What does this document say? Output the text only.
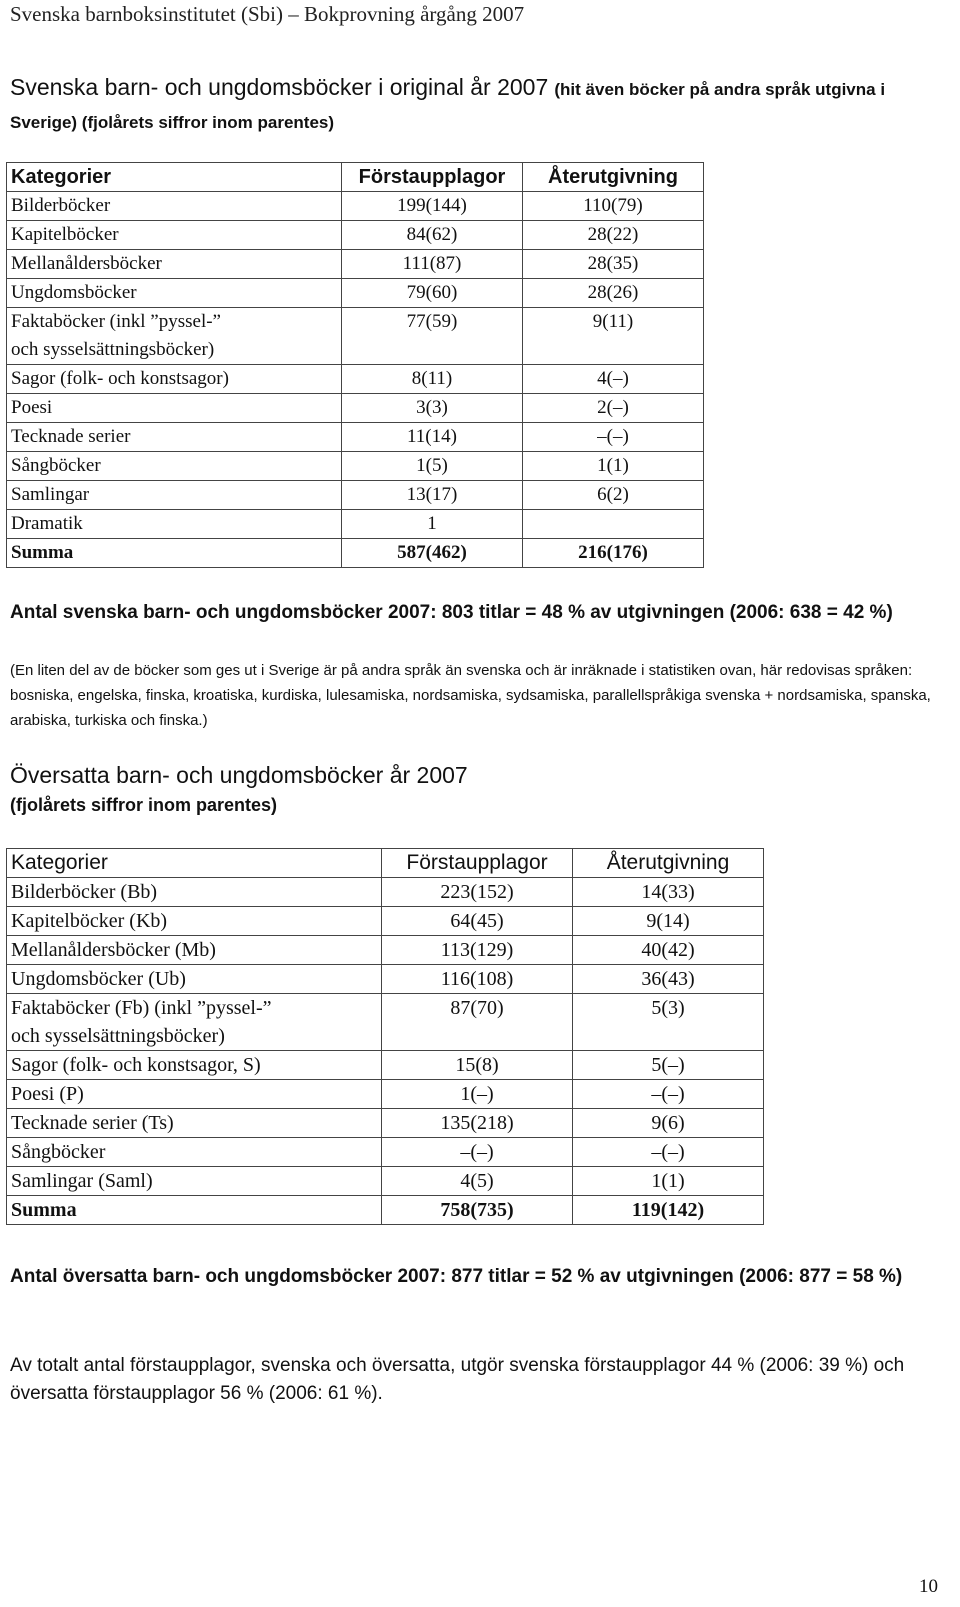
Svenska barnboksinstitutet (Sbi) – Bokprovning årgång 2007
Svenska barn- och ungdomsböcker i original år 2007 (hit även böcker på andra språk utgivna i Sverige) (fjolårets siffror inom parentes)
Kategorier	Förstaupplagor	Återutgivning
Bilderböcker	199(144)	110(79)
Kapitelböcker	84(62)	28(22)
Mellanåldersböcker	111(87)	28(35)
Ungdomsböcker	79(60)	28(26)

Faktaböcker (inkl ”pyssel-”
och sysselsättningsböcker)	77(59)	9(11)
Sagor (folk- och konstsagor)	8(11)	4(–)
Poesi	3(3)	2(–)
Tecknade serier	11(14)	–(–)
Sångböcker	1(5)	1(1)
Samlingar	13(17)	6(2)
Dramatik	1	
Summa	587(462)	216(176)
Antal svenska barn- och ungdomsböcker 2007: 803 titlar = 48 % av utgivningen (2006: 638 = 42 %)
(En liten del av de böcker som ges ut i Sverige är på andra språk än svenska och är inräknade i statistiken ovan, här redovisas språken: bosniska, engelska, finska, kroatiska, kurdiska, lulesamiska, nordsamiska, sydsamiska, parallellspråkiga svenska + nordsamiska, spanska, arabiska, turkiska och finska.)
Översatta barn- och ungdomsböcker år 2007
(fjolårets siffror inom parentes)
Kategorier	Förstaupplagor	Återutgivning
Bilderböcker (Bb)	223(152)	14(33)
Kapitelböcker (Kb)	64(45)	9(14)
Mellanåldersböcker (Mb)	113(129)	40(42)
Ungdomsböcker (Ub)	116(108)	36(43)

Faktaböcker (Fb) (inkl ”pyssel-”
och sysselsättningsböcker)	87(70)	5(3)
Sagor (folk- och konstsagor, S)	15(8)	5(–)
Poesi (P)	1(–)	–(–)
Tecknade serier (Ts)	135(218)	9(6)
Sångböcker	–(–)	–(–)
Samlingar (Saml)	4(5)	1(1)
Summa	758(735)	119(142)
Antal översatta barn- och ungdomsböcker 2007: 877 titlar = 52 % av utgivningen (2006: 877 = 58 %)
Av totalt antal förstaupplagor, svenska och översatta, utgör svenska förstaupplagor 44 % (2006: 39 %) och översatta förstaupplagor 56 % (2006: 61 %).
10
